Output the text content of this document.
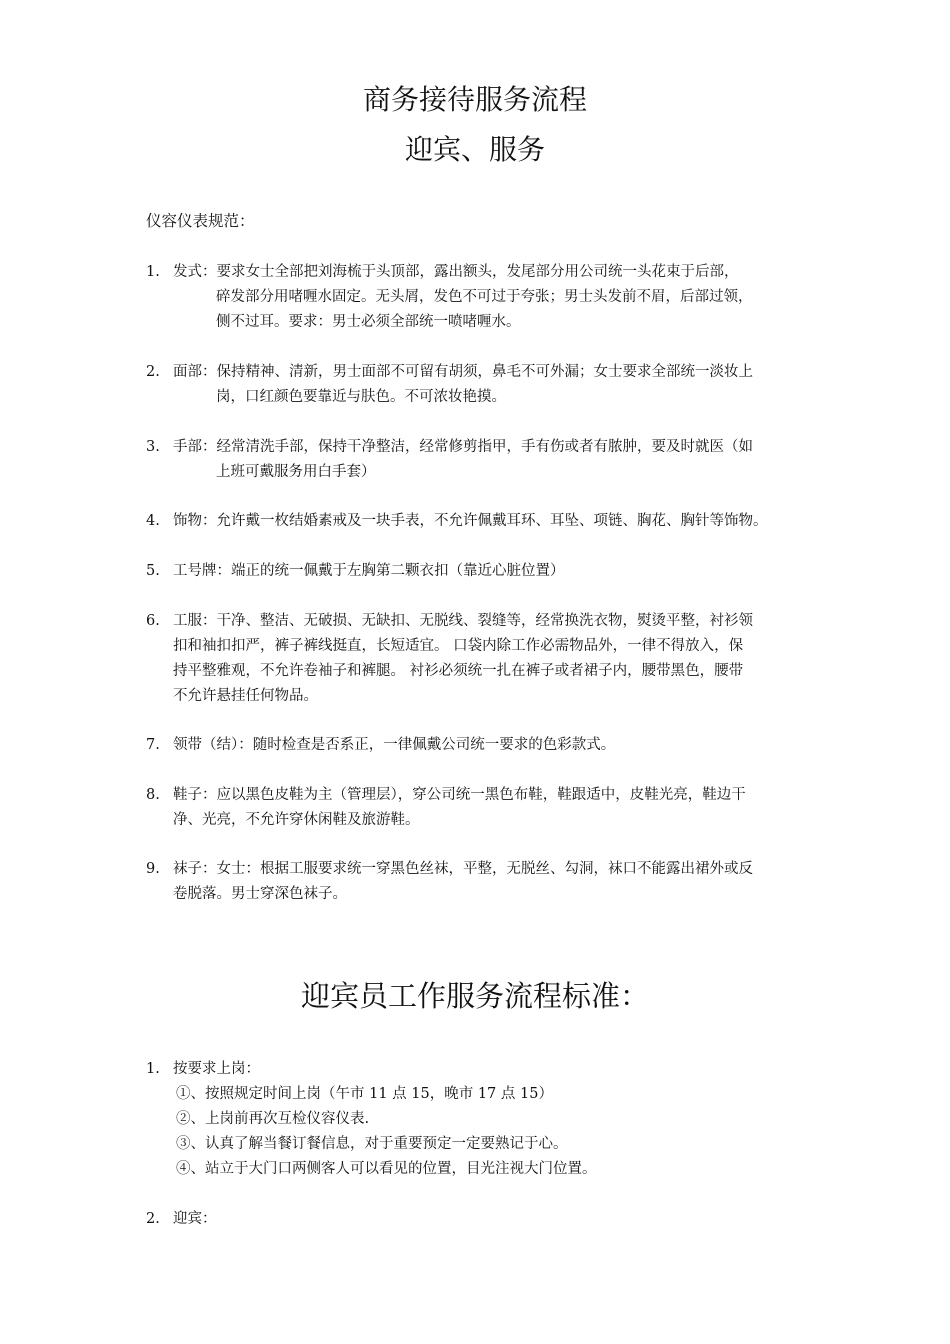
商务接待服务流程
迎宾、服务
仪容仪表规范：
1. 发式：要求女士全部把刘海梳于头顶部，露出额头，发尾部分用公司统一头花束于后部，

碎发部分用啫喱水固定。无头屑，发色不可过于夸张；男士头发前不眉，后部过领，
侧不过耳。要求：男士必须全部统一喷啫喱水。
2. 面部：保持精神、清新，男士面部不可留有胡须，鼻毛不可外漏；女士要求全部统一淡妆上

岗，口红颜色要靠近与肤色。不可浓妆艳摸。
3. 手部：经常清洗手部，保持干净整洁，经常修剪指甲，手有伤或者有脓肿，要及时就医（如

上班可戴服务用白手套）
4. 饰物：允许戴一枚结婚素戒及一块手表，不允许佩戴耳环、耳坠、项链、胸花、胸针等饰物。

5. 工号牌：端正的统一佩戴于左胸第二颗衣扣（靠近心脏位置）

6. 工服：干净、整洁、无破损、无缺扣、无脱线、裂缝等，经常换洗衣物，熨烫平整，衬衫领

扣和袖扣扣严，裤子裤线挺直，长短适宜。 口袋内除工作必需物品外，一律不得放入，保

持平整雅观，不允许卷袖子和裤腿。 衬衫必须统一扎在裤子或者裙子内，腰带黑色，腰带

不允许悬挂任何物品。

7. 领带（结）：随时检查是否系正，一律佩戴公司统一要求的色彩款式。

8. 鞋子：应以黑色皮鞋为主（管理层），穿公司统一黑色布鞋，鞋跟适中，皮鞋光亮，鞋边干

净、光亮，不允许穿休闲鞋及旅游鞋。

9. 袜子：女士：根据工服要求统一穿黑色丝袜，平整，无脱丝、勾洞，袜口不能露出裙外或反

卷脱落。男士穿深色袜子。

迎宾员工作服务流程标准：
1. 按要求上岗：

①、按照规定时间上岗（午市 11 点 15，晚市 17 点 15）
②、上岗前再次互检仪容仪表.
③、认真了解当餐订餐信息，对于重要预定一定要熟记于心。
④、站立于大门口两侧客人可以看见的位置，目光注视大门位置。
2. 迎宾：
